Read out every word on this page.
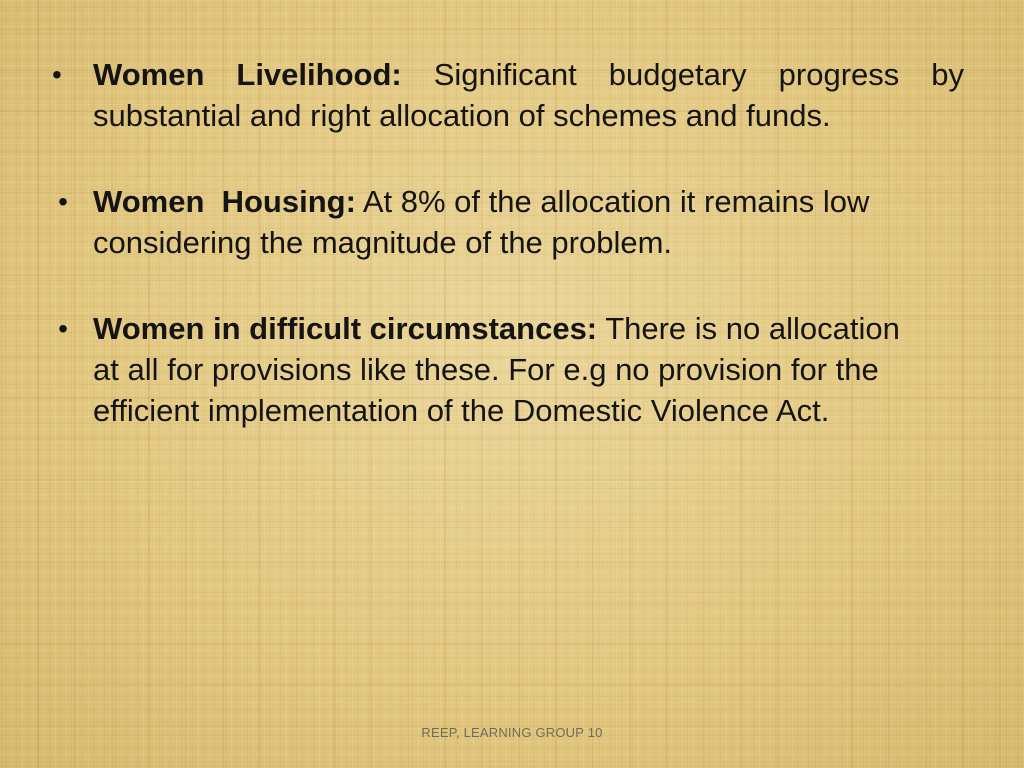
•	Women Livelihood: Significant budgetary progress by substantial and right allocation of schemes and funds.
• Women  Housing: At 8% of the allocation it remains low considering the magnitude of the problem.
• Women in difficult circumstances: There is no allocation at all for provisions like these. For e.g no provision for the efficient implementation of the Domestic Violence Act.
REEP, LEARNING GROUP 10
